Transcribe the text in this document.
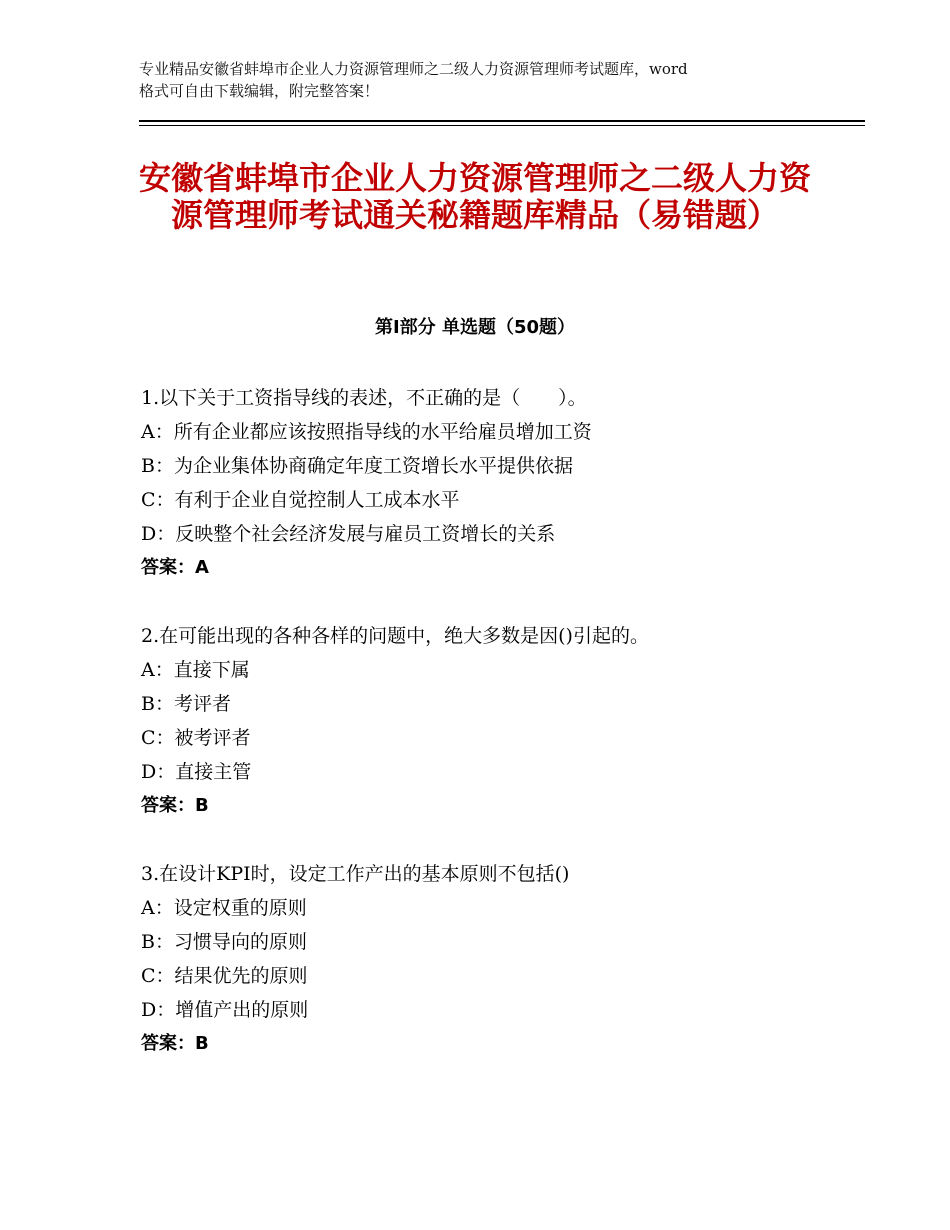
专业精品安徽省蚌埠市企业人力资源管理师之二级人力资源管理师考试题库，word
格式可自由下载编辑，附完整答案！
安徽省蚌埠市企业人力资源管理师之二级人力资源管理师考试通关秘籍题库精品（易错题）
第Ⅰ部分 单选题（50题）
1.以下关于工资指导线的表述，不正确的是（　　）。
A：所有企业都应该按照指导线的水平给雇员增加工资
B：为企业集体协商确定年度工资增长水平提供依据
C：有利于企业自觉控制人工成本水平
D：反映整个社会经济发展与雇员工资增长的关系
答案：A
2.在可能出现的各种各样的问题中，绝大多数是因()引起的。
A：直接下属
B：考评者
C：被考评者
D：直接主管
答案：B
3.在设计KPI时，设定工作产出的基本原则不包括()
A：设定权重的原则
B：习惯导向的原则
C：结果优先的原则
D：增值产出的原则
答案：B
